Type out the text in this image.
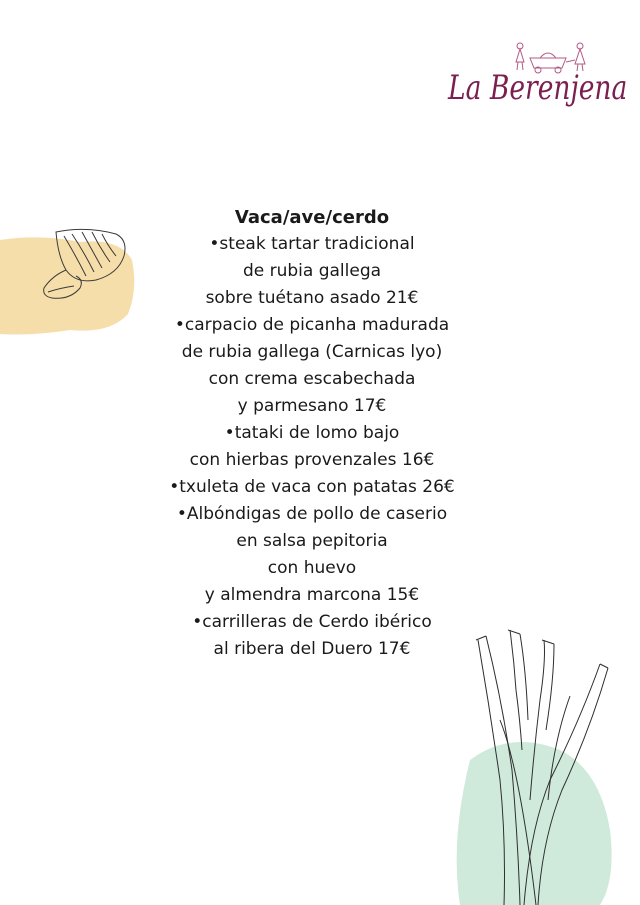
La Berenjena
Vaca/ave/cerdo
•steak tartar tradicional
de rubia gallega
sobre tuétano asado 21€
•carpacio de picanha madurada
de rubia gallega (Carnicas lyo)
con crema escabechada
y parmesano 17€
•tataki de lomo bajo
con hierbas provenzales 16€
•txuleta de vaca con patatas 26€
•Albóndigas de pollo de caserio
en salsa pepitoria
con huevo
y almendra marcona 15€
•carrilleras de Cerdo ibérico
al ribera del Duero 17€
